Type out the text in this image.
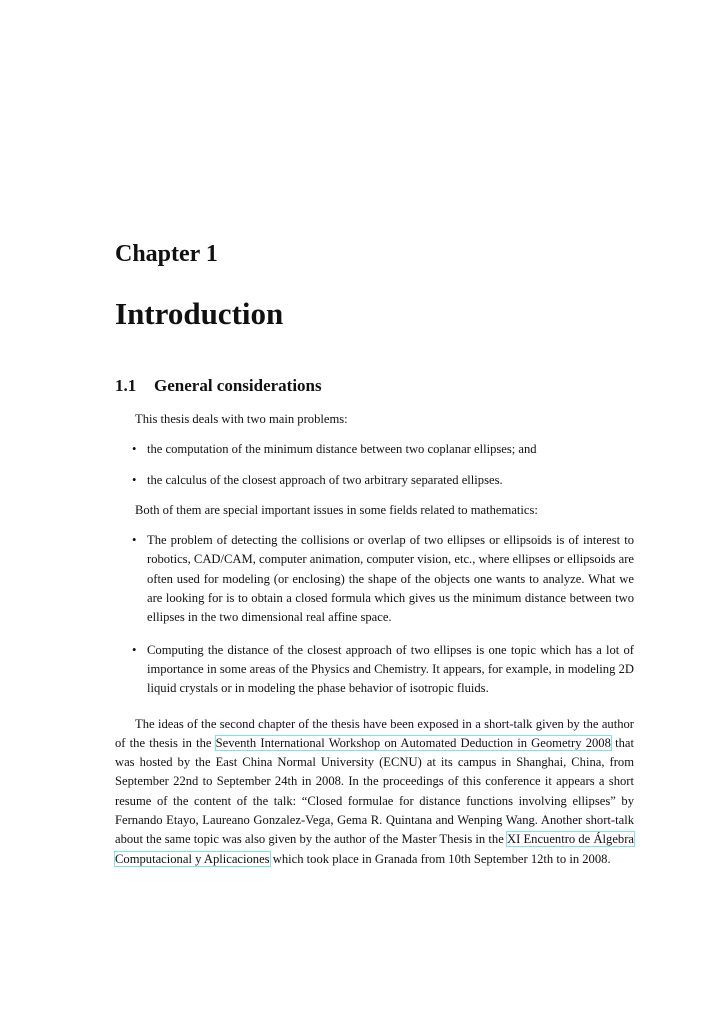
Chapter 1
Introduction
1.1 General considerations

This thesis deals with two main problems:

• the computation of the minimum distance between two coplanar ellipses; and
• the calculus of the closest approach of two arbitrary separated ellipses.

Both of them are special important issues in some fields related to mathematics:

• The problem of detecting the collisions or overlap of two ellipses or ellipsoids is of interest to robotics, CAD/CAM, computer animation, computer vision, etc., where ellipses or ellipsoids are often used for modeling (or enclosing) the shape of the objects one wants to analyze. What we are looking for is to obtain a closed formula which gives us the minimum distance between two ellipses in the two dimensional real affine space.
• Computing the distance of the closest approach of two ellipses is one topic which has a lot of importance in some areas of the Physics and Chemistry. It appears, for example, in modeling 2D liquid crystals or in modeling the phase behavior of isotropic fluids.

The ideas of the second chapter of the thesis have been exposed in a short-talk given by the author of the thesis in the Seventh International Workshop on Automated Deduction in Geometry 2008 that was hosted by the East China Normal University (ECNU) at its campus in Shanghai, China, from September 22nd to September 24th in 2008. In the proceedings of this conference it appears a short resume of the content of the talk: “Closed formulae for distance functions involving ellipses” by Fernando Etayo, Laureano Gonzalez-Vega, Gema R. Quintana and Wenping Wang. Another short-talk about the same topic was also given by the author of the Master Thesis in the XI Encuentro de Álgebra Computacional y Aplicaciones which took place in Granada from 10th September 12th to in 2008.
